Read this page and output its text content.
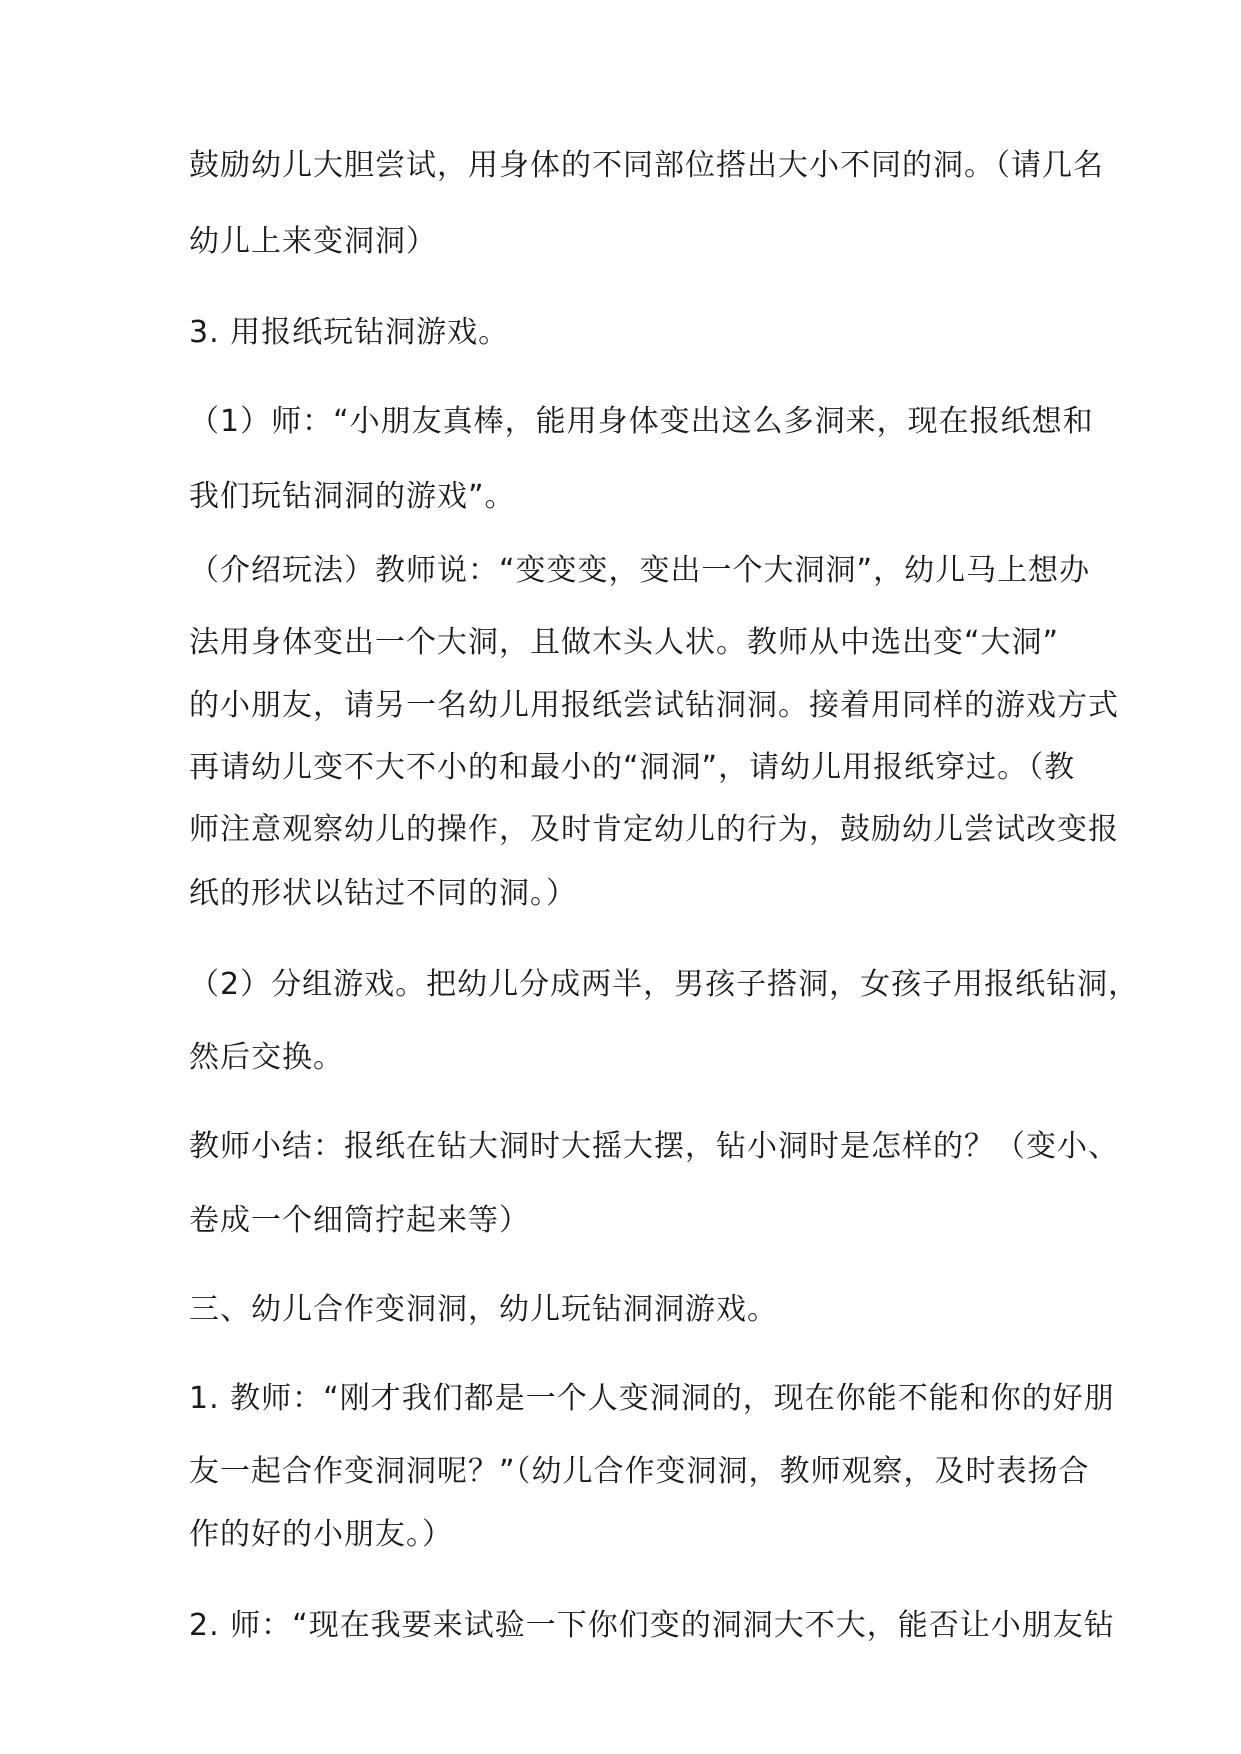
鼓励幼儿大胆尝试，用身体的不同部位搭出大小不同的洞。（请几名
幼儿上来变洞洞）
3. 用报纸玩钻洞游戏。
（1）师：“小朋友真棒，能用身体变出这么多洞来，现在报纸想和
我们玩钻洞洞的游戏”。
（介绍玩法）教师说：“变变变，变出一个大洞洞”，幼儿马上想办
法用身体变出一个大洞，且做木头人状。教师从中选出变“大洞”
的小朋友，请另一名幼儿用报纸尝试钻洞洞。接着用同样的游戏方式
再请幼儿变不大不小的和最小的“洞洞”，请幼儿用报纸穿过。（教
师注意观察幼儿的操作，及时肯定幼儿的行为，鼓励幼儿尝试改变报
纸的形状以钻过不同的洞。）
（2）分组游戏。把幼儿分成两半，男孩子搭洞，女孩子用报纸钻洞，
然后交换。
教师小结：报纸在钻大洞时大摇大摆，钻小洞时是怎样的？（变小、
卷成一个细筒拧起来等）
三、幼儿合作变洞洞，幼儿玩钻洞洞游戏。
1. 教师：“刚才我们都是一个人变洞洞的，现在你能不能和你的好朋
友一起合作变洞洞呢？”（幼儿合作变洞洞，教师观察，及时表扬合
作的好的小朋友。）
2. 师：“现在我要来试验一下你们变的洞洞大不大，能否让小朋友钻
